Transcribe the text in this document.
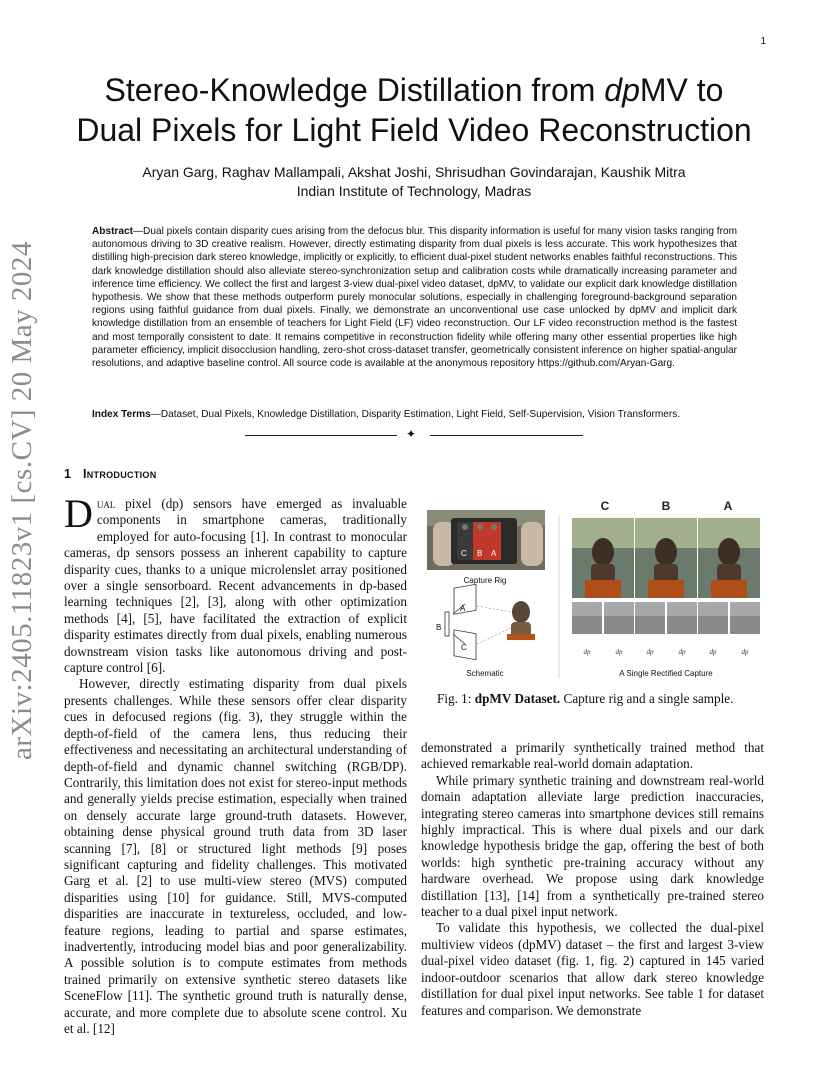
1
arXiv:2405.11823v1 [cs.CV] 20 May 2024
Stereo-Knowledge Distillation from dpMV to
Dual Pixels for Light Field Video Reconstruction
Aryan Garg, Raghav Mallampali, Akshat Joshi, Shrisudhan Govindarajan, Kaushik Mitra
Indian Institute of Technology, Madras
Abstract—Dual pixels contain disparity cues arising from the defocus blur. This disparity information is useful for many vision tasks ranging from autonomous driving to 3D creative realism. However, directly estimating disparity from dual pixels is less accurate. This work hypothesizes that distilling high-precision dark stereo knowledge, implicitly or explicitly, to efficient dual-pixel student networks enables faithful reconstructions. This dark knowledge distillation should also alleviate stereo-synchronization setup and calibration costs while dramatically increasing parameter and inference time efficiency. We collect the first and largest 3-view dual-pixel video dataset, dpMV, to validate our explicit dark knowledge distillation hypothesis. We show that these methods outperform purely monocular solutions, especially in challenging foreground-background separation regions using faithful guidance from dual pixels. Finally, we demonstrate an unconventional use case unlocked by dpMV and implicit dark knowledge distillation from an ensemble of teachers for Light Field (LF) video reconstruction. Our LF video reconstruction method is the fastest and most temporally consistent to date. It remains competitive in reconstruction fidelity while offering many other essential properties like high parameter efficiency, implicit disocclusion handling, zero-shot cross-dataset transfer, geometrically consistent inference on higher spatial-angular resolutions, and adaptive baseline control. All source code is available at the anonymous repository https://github.com/Aryan-Garg.
Index Terms—Dataset, Dual Pixels, Knowledge Distillation, Disparity Estimation, Light Field, Self-Supervision, Vision Transformers.
✦
1 Introduction

Dual pixel (dp) sensors have emerged as invaluable components in smartphone cameras, traditionally employed for auto-focusing [1]. In contrast to monocular cameras, dp sensors possess an inherent capability to capture disparity cues, thanks to a unique microlenslet array positioned over a single sensorboard. Recent advancements in dp-based learning techniques [2], [3], along with other optimization methods [4], [5], have facilitated the extraction of explicit disparity estimates directly from dual pixels, enabling numerous downstream vision tasks like autonomous driving and post-capture control [6].

However, directly estimating disparity from dual pixels presents challenges. While these sensors offer clear disparity cues in defocused regions (fig. 3), they struggle within the depth-of-field of the camera lens, thus reducing their effectiveness and necessitating an architectural understanding of depth-of-field and dynamic channel switching (RGB/DP). Contrarily, this limitation does not exist for stereo-input methods and generally yields precise estimation, especially when trained on densely accurate large ground-truth datasets. However, obtaining dense physical ground truth data from 3D laser scanning [7], [8] or structured light methods [9] poses significant capturing and fidelity challenges. This motivated Garg et al. [2] to use multi-view stereo (MVS) computed disparities using [10] for guidance. Still, MVS-computed disparities are inaccurate in textureless, occluded, and low-feature regions, leading to partial and sparse estimates, inadvertently, introducing model bias and poor generalizability. A possible solution is to compute estimates from methods trained primarily on extensive synthetic stereo datasets like SceneFlow [11]. The synthetic ground truth is naturally dense, accurate, and more complete due to absolute scene control. Xu et al. [12]

C B A
Capture Rig
A
B
C
Schematic
C	B	A
dp	dp	dp	dp	dp	dp
A Single Rectified Capture
Fig. 1: dpMV Dataset. Capture rig and a single sample.

demonstrated a primarily synthetically trained method that achieved remarkable real-world domain adaptation.

While primary synthetic training and downstream real-world domain adaptation alleviate large prediction inaccuracies, integrating stereo cameras into smartphone devices still remains highly impractical. This is where dual pixels and our dark knowledge hypothesis bridge the gap, offering the best of both worlds: high synthetic pre-training accuracy without any hardware overhead. We propose using dark knowledge distillation [13], [14] from a synthetically pre-trained stereo teacher to a dual pixel input network.

To validate this hypothesis, we collected the dual-pixel multiview videos (dpMV) dataset – the first and largest 3-view dual-pixel video dataset (fig. 1, fig. 2) captured in 145 varied indoor-outdoor scenarios that allow dark stereo knowledge distillation for dual pixel input networks. See table 1 for dataset features and comparison. We demonstrate
